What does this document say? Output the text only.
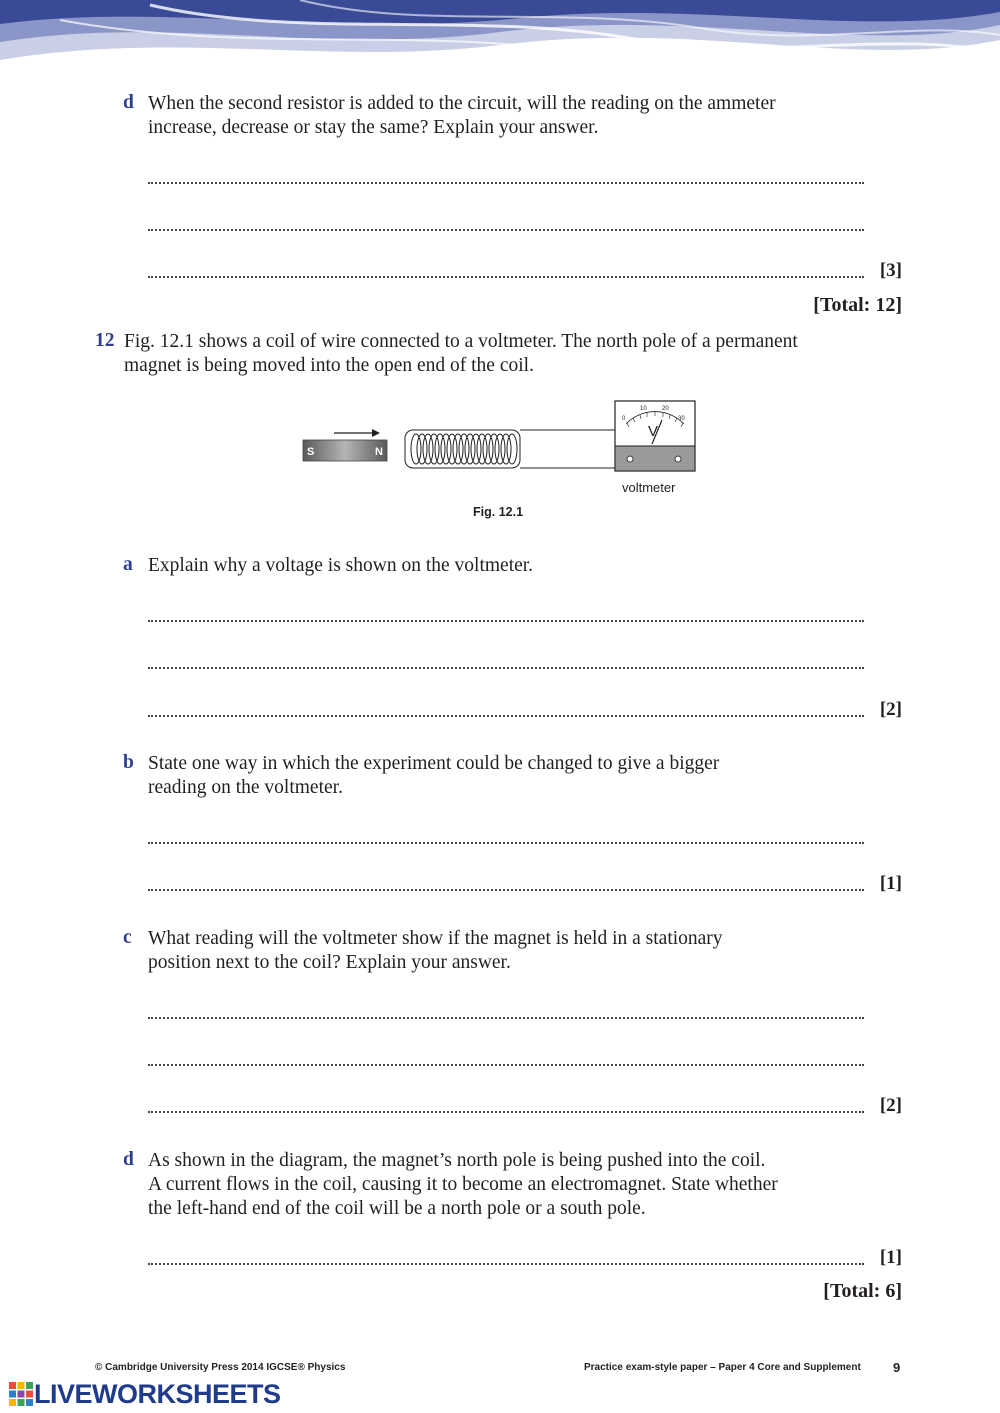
d When the second resistor is added to the circuit, will the reading on the ammeter
increase, decrease or stay the same? Explain your answer.
[3]
[Total: 12]
12 Fig. 12.1 shows a coil of wire connected to a voltmeter. The north pole of a permanent
magnet is being moved into the open end of the coil.
S	N
0
10	20
30
V
voltmeter
Fig. 12.1
a Explain why a voltage is shown on the voltmeter.
[2]
b State one way in which the experiment could be changed to give a bigger
reading on the voltmeter.
[1]
c What reading will the voltmeter show if the magnet is held in a stationary
position next to the coil? Explain your answer.
[2]
d As shown in the diagram, the magnet’s north pole is being pushed into the coil.
A current flows in the coil, causing it to become an electromagnet. State whether
the left-hand end of the coil will be a north pole or a south pole.
[1]
[Total: 6]
© Cambridge University Press 2014 IGCSE® Physics	Practice exam-style paper – Paper 4 Core and Supplement 9
LIVEWORKSHEETS
